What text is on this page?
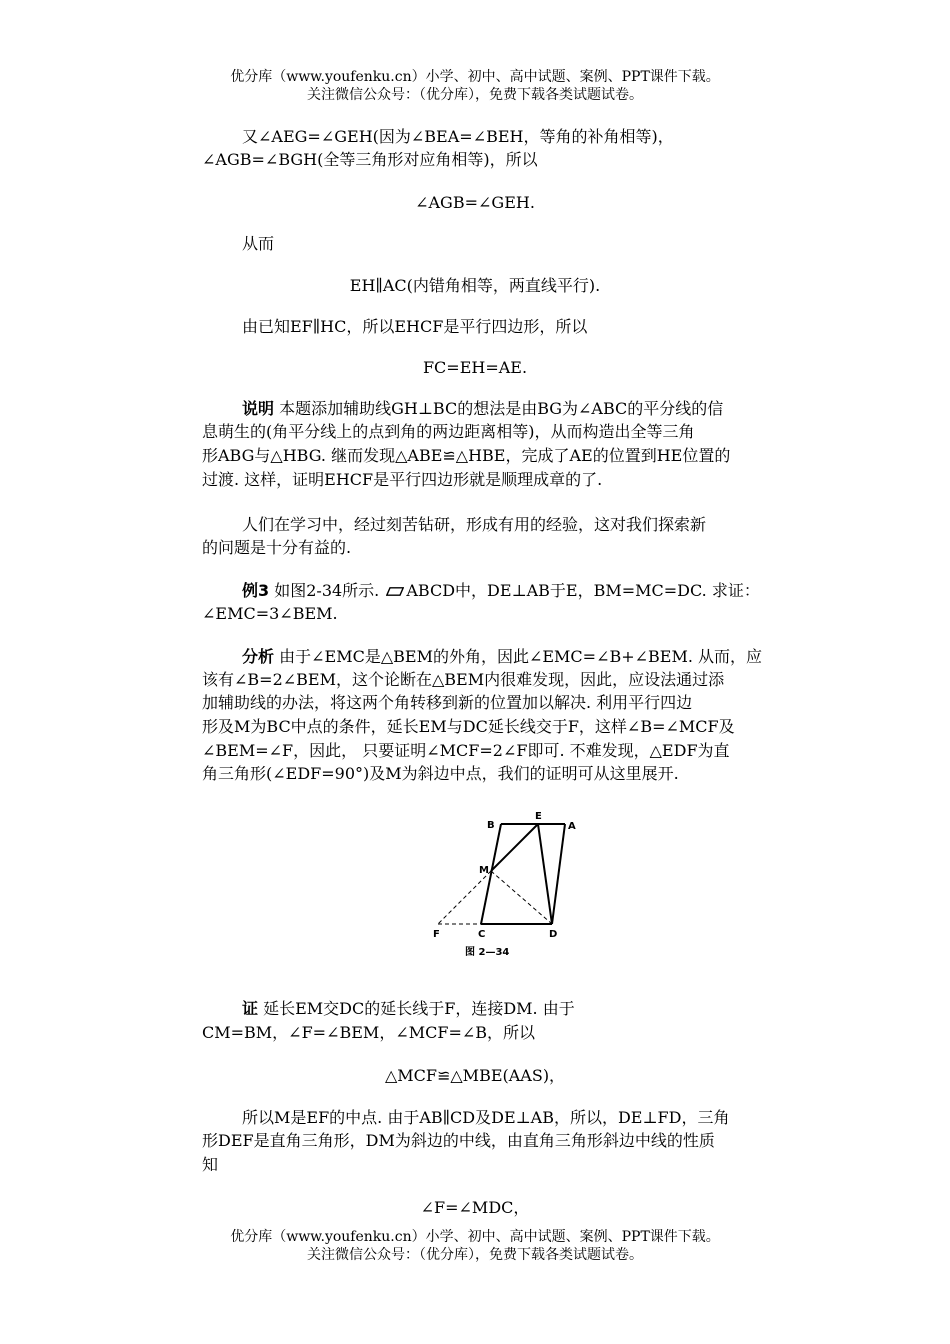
优分库（www.youfenku.cn）小学、初中、高中试题、案例、PPT课件下载。
关注微信公众号：（优分库），免费下载各类试题试卷。
又∠AEG=∠GEH(因为∠BEA=∠BEH，等角的补角相等)，
∠AGB=∠BGH(全等三角形对应角相等)，所以
∠AGB=∠GEH.
从而
EH∥AC(内错角相等，两直线平行).
由已知EF∥HC，所以EHCF是平行四边形，所以
FC=EH=AE.
说明 本题添加辅助线GH⊥BC的想法是由BG为∠ABC的平分线的信
息萌生的(角平分线上的点到角的两边距离相等)，从而构造出全等三角
形ABG与△HBG. 继而发现△ABE≌△HBE，完成了AE的位置到HE位置的
过渡. 这样，证明EHCF是平行四边形就是顺理成章的了.
人们在学习中，经过刻苦钻研，形成有用的经验，这对我们探索新
的问题是十分有益的.
例3 如图2-34所示. ABCD中，DE⊥AB于E，BM=MC=DC. 求证：
∠EMC=3∠BEM.
分析 由于∠EMC是△BEM的外角，因此∠EMC=∠B+∠BEM. 从而，应
该有∠B=2∠BEM，这个论断在△BEM内很难发现，因此，应设法通过添
加辅助线的办法，将这两个角转移到新的位置加以解决. 利用平行四边
形及M为BC中点的条件，延长EM与DC延长线交于F，这样∠B=∠MCF及
∠BEM=∠F，因此， 只要证明∠MCF=2∠F即可. 不难发现，△EDF为直
角三角形(∠EDF=90°)及M为斜边中点，我们的证明可从这里展开.
B
E
A
M
F	C	D
图 2—34
证 延长EM交DC的延长线于F，连接DM. 由于
CM=BM，∠F=∠BEM，∠MCF=∠B，所以
△MCF≌△MBE(AAS)，
所以M是EF的中点. 由于AB∥CD及DE⊥AB，所以，DE⊥FD，三角
形DEF是直角三角形，DM为斜边的中线，由直角三角形斜边中线的性质
知
∠F=∠MDC，
优分库（www.youfenku.cn）小学、初中、高中试题、案例、PPT课件下载。
关注微信公众号：（优分库），免费下载各类试题试卷。
